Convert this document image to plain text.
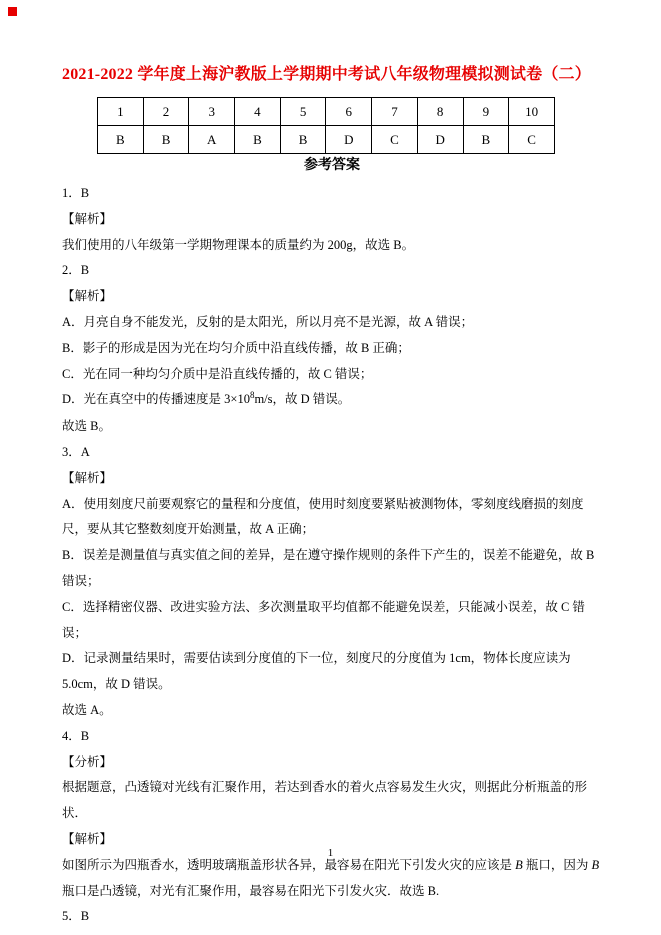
2021-2022 学年度上海沪教版上学期期中考试八年级物理模拟测试卷（二）
1	2	3	4	5	6	7	8	9	10
B	B	A	B	B	D	C	D	B	C
参考答案

1．B

【解析】

我们使用的八年级第一学期物理课本的质量约为 200g，故选 B。

2．B

【解析】

A．月亮自身不能发光，反射的是太阳光，所以月亮不是光源，故 A 错误；

B．影子的形成是因为光在均匀介质中沿直线传播，故 B 正确；

C．光在同一种均匀介质中是沿直线传播的，故 C 错误；

D．光在真空中的传播速度是 $3\times 10^8m/s$，故 D 错误。

故选 B。

3．A

【解析】

A．使用刻度尺前要观察它的量程和分度值，使用时刻度要紧贴被测物体，零刻度线磨损的刻度尺，要从其它整数刻度开始测量，故 A 正确；

B．误差是测量值与真实值之间的差异，是在遵守操作规则的条件下产生的，误差不能避免，故 B 错误；

C．选择精密仪器、改进实验方法、多次测量取平均值都不能避免误差，只能减小误差，故 C 错误；

D．记录测量结果时，需要估读到分度值的下一位，刻度尺的分度值为 1cm，物体长度应读为 5.0cm，故 D 错误。

故选 A。

4．B

【分析】

根据题意，凸透镜对光线有汇聚作用，若达到香水的着火点容易发生火灾，则据此分析瓶盖的形状．

【解析】

如图所示为四瓶香水，透明玻璃瓶盖形状各异，最容易在阳光下引发火灾的应该是 B 瓶口，因为 B 瓶口是凸透镜，对光有汇聚作用，最容易在阳光下引发火灾．故选 B.

5．B

1
